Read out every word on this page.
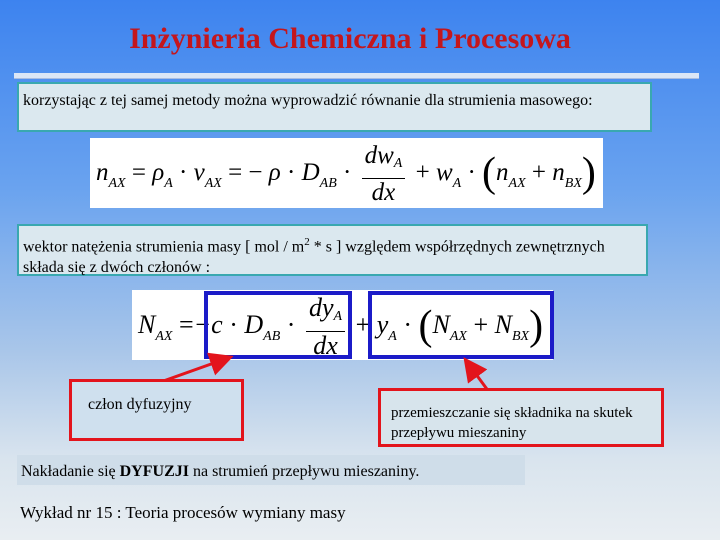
Inżynieria Chemiczna i Procesowa
korzystając z tej samej metody można wyprowadzić równanie dla strumienia masowego:
$n_{AX} = \rho_A \cdot v_{AX}$ = − $\rho \cdot D_{AB} \cdot \frac{dw_A}{dx} + w_A \cdot (n_{AX} + n_{BX})$
wektor natężenia strumienia masy [ mol / $m^2$ * s ] względem współrzędnych zewnętrznych składa się z dwóch członów :
$N_{AX} =-c \cdot D_{AB} \cdot \frac{dy_A}{dx} + y_A \cdot (N_{AX} + N_{BX})$
człon dyfuzyjny	przemieszczanie się składnika na skutek przepływu mieszaniny
Nakładanie się DYFUZJI na strumień przepływu mieszaniny.
Wykład nr 15 : Teoria procesów wymiany masy
